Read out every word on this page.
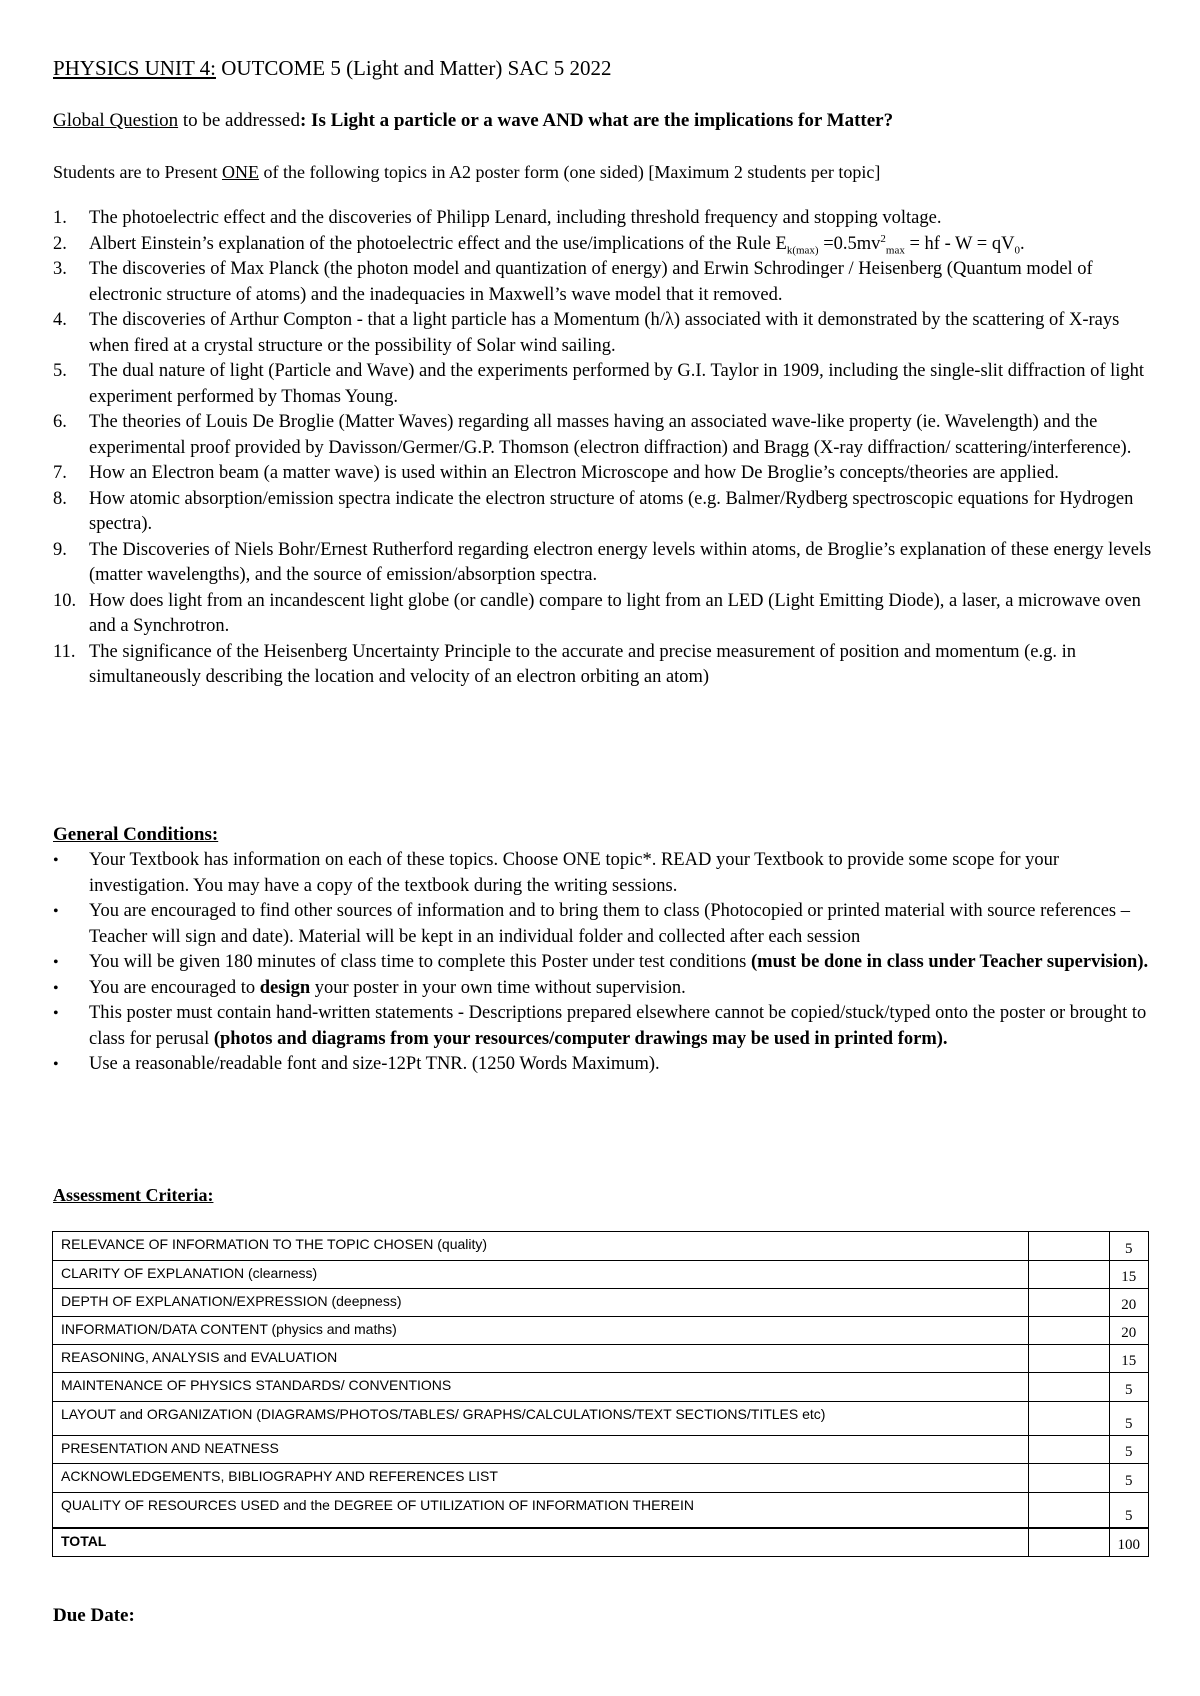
PHYSICS UNIT 4: OUTCOME 5 (Light and Matter) SAC 5 2022
Global Question to be addressed: Is Light a particle or a wave AND what are the implications for Matter?
Students are to Present ONE of the following topics in A2 poster form (one sided) [Maximum 2 students per topic]
1. The photoelectric effect and the discoveries of Philipp Lenard, including threshold frequency and stopping voltage.
2. Albert Einstein’s explanation of the photoelectric effect and the use/implications of the Rule $E_{k(max)} =0.5mv^2_{max}$ = hf - $W = qV_0$.
3. The discoveries of Max Planck (the photon model and quantization of energy) and Erwin Schrodinger / Heisenberg (Quantum model of electronic structure of atoms) and the inadequacies in Maxwell’s wave model that it removed.
4. The discoveries of Arthur Compton - that a light particle has a Momentum (h/λ) associated with it demonstrated by the scattering of X-rays when fired at a crystal structure or the possibility of Solar wind sailing.
5. The dual nature of light (Particle and Wave) and the experiments performed by G.I. Taylor in 1909, including the single-slit diffraction of light experiment performed by Thomas Young.
6. The theories of Louis De Broglie (Matter Waves) regarding all masses having an associated wave-like property (ie. Wavelength) and the experimental proof provided by Davisson/Germer/G.P. Thomson (electron diffraction) and Bragg (X-ray diffraction/ scattering/interference).
7. How an Electron beam (a matter wave) is used within an Electron Microscope and how De Broglie’s concepts/theories are applied.
8. How atomic absorption/emission spectra indicate the electron structure of atoms (e.g. Balmer/Rydberg spectroscopic equations for Hydrogen spectra).
9. The Discoveries of Niels Bohr/Ernest Rutherford regarding electron energy levels within atoms, de Broglie’s explanation of these energy levels (matter wavelengths), and the source of emission/absorption spectra.
10. How does light from an incandescent light globe (or candle) compare to light from an LED (Light Emitting Diode), a laser, a microwave oven and a Synchrotron.
11. The significance of the Heisenberg Uncertainty Principle to the accurate and precise measurement of position and momentum (e.g. in simultaneously describing the location and velocity of an electron orbiting an atom)
General Conditions:
• Your Textbook has information on each of these topics. Choose ONE topic*. READ your Textbook to provide some scope for your investigation. You may have a copy of the textbook during the writing sessions.
• You are encouraged to find other sources of information and to bring them to class (Photocopied or printed material with source references –Teacher will sign and date). Material will be kept in an individual folder and collected after each session
• You will be given 180 minutes of class time to complete this Poster under test conditions (must be done in class under Teacher supervision).
• You are encouraged to design your poster in your own time without supervision.
• This poster must contain hand-written statements - Descriptions prepared elsewhere cannot be copied/stuck/typed onto the poster or brought to class for perusal (photos and diagrams from your resources/computer drawings may be used in printed form).
• Use a reasonable/readable font and size-12Pt TNR. (1250 Words Maximum).
Assessment Criteria:
RELEVANCE OF INFORMATION TO THE TOPIC CHOSEN (quality)		5
CLARITY OF EXPLANATION (clearness)		15
DEPTH OF EXPLANATION/EXPRESSION (deepness)		20
INFORMATION/DATA CONTENT (physics and maths)		20
REASONING, ANALYSIS and EVALUATION		15
MAINTENANCE OF PHYSICS STANDARDS/ CONVENTIONS		5
LAYOUT and ORGANIZATION (DIAGRAMS/PHOTOS/TABLES/ GRAPHS/CALCULATIONS/TEXT SECTIONS/TITLES etc)		5
PRESENTATION AND NEATNESS		5
ACKNOWLEDGEMENTS, BIBLIOGRAPHY AND REFERENCES LIST		5
QUALITY OF RESOURCES USED and the DEGREE OF UTILIZATION OF INFORMATION THEREIN		5
TOTAL		100
Due Date:
